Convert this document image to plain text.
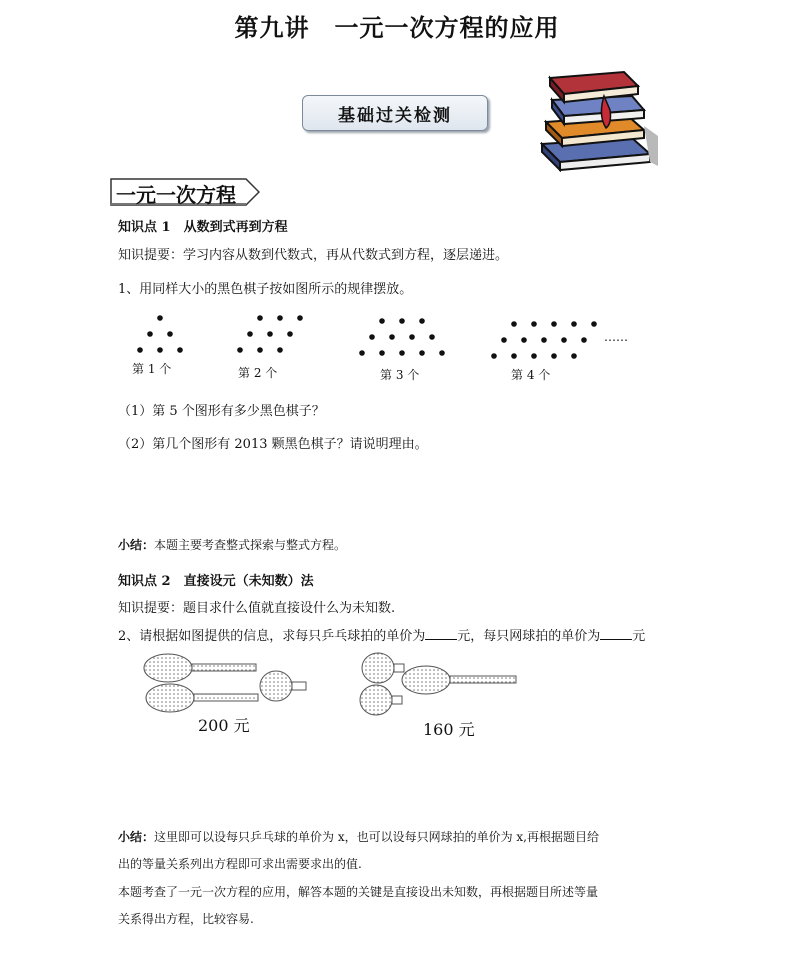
第九讲　一元一次方程的应用
基础过关检测
一元一次方程
知识点 1　从数到式再到方程
知识提要：学习内容从数到代数式，再从代数式到方程，逐层递进。
1、用同样大小的黑色棋子按如图所示的规律摆放。
第 1 个	第 2 个	第 3 个	第 4 个
……
（1）第 5 个图形有多少黑色棋子？
（2）第几个图形有 2013 颗黑色棋子？请说明理由。
小结：本题主要考查整式探索与整式方程。
知识点 2　直接设元（未知数）法
知识提要：题目求什么值就直接设什么为未知数.
2、请根据如图提供的信息，求每只乒乓球拍的单价为 元，每只网球拍的单价为 元
200 元	160 元
小结：这里即可以设每只乒乓球的单价为 x，也可以设每只网球拍的单价为 x,再根据题目给
出的等量关系列出方程即可求出需要求出的值.
本题考查了一元一次方程的应用，解答本题的关键是直接设出未知数，再根据题目所述等量
关系得出方程，比较容易.
